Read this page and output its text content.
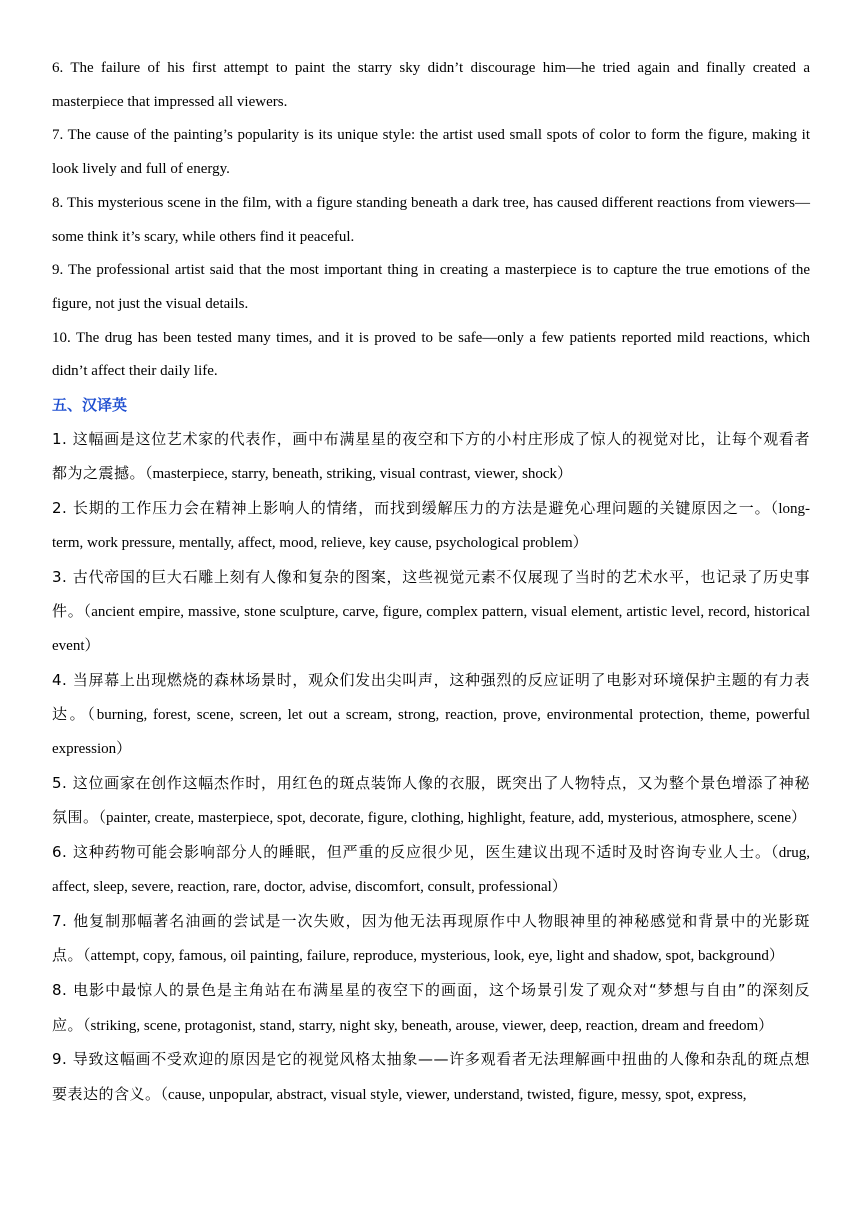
6. The failure of his first attempt to paint the starry sky didn’t discourage him—he tried again and finally created a masterpiece that impressed all viewers.

7. The cause of the painting’s popularity is its unique style: the artist used small spots of color to form the figure, making it look lively and full of energy.

8. This mysterious scene in the film, with a figure standing beneath a dark tree, has caused different reactions from viewers—some think it’s scary, while others find it peaceful.

9. The professional artist said that the most important thing in creating a masterpiece is to capture the true emotions of the figure, not just the visual details.

10. The drug has been tested many times, and it is proved to be safe—only a few patients reported mild reactions, which didn’t affect their daily life.

五、汉译英

1. 这幅画是这位艺术家的代表作，画中布满星星的夜空和下方的小村庄形成了惊人的视觉对比，让每个观看者都为之震撼。（masterpiece, starry, beneath, striking, visual contrast, viewer, shock）

2. 长期的工作压力会在精神上影响人的情绪，而找到缓解压力的方法是避免心理问题的关键原因之一。（long-term, work pressure, mentally, affect, mood, relieve, key cause, psychological problem）

3. 古代帝国的巨大石雕上刻有人像和复杂的图案，这些视觉元素不仅展现了当时的艺术水平，也记录了历史事件。（ancient empire, massive, stone sculpture, carve, figure, complex pattern, visual element, artistic level, record, historical event）

4. 当屏幕上出现燃烧的森林场景时，观众们发出尖叫声，这种强烈的反应证明了电影对环境保护主题的有力表达。（burning, forest, scene, screen, let out a scream, strong, reaction, prove, environmental protection, theme, powerful expression）

5. 这位画家在创作这幅杰作时，用红色的斑点装饰人像的衣服，既突出了人物特点，又为整个景色增添了神秘氛围。（painter, create, masterpiece, spot, decorate, figure, clothing, highlight, feature, add, mysterious, atmosphere, scene）

6. 这种药物可能会影响部分人的睡眠，但严重的反应很少见，医生建议出现不适时及时咨询专业人士。（drug, affect, sleep, severe, reaction, rare, doctor, advise, discomfort, consult, professional）

7. 他复制那幅著名油画的尝试是一次失败，因为他无法再现原作中人物眼神里的神秘感觉和背景中的光影斑点。（attempt, copy, famous, oil painting, failure, reproduce, mysterious, look, eye, light and shadow, spot, background）

8. 电影中最惊人的景色是主角站在布满星星的夜空下的画面，这个场景引发了观众对“梦想与自由”的深刻反应。（striking, scene, protagonist, stand, starry, night sky, beneath, arouse, viewer, deep, reaction, dream and freedom）

9. 导致这幅画不受欢迎的原因是它的视觉风格太抽象——许多观看者无法理解画中扭曲的人像和杂乱的斑点想要表达的含义。（cause, unpopular, abstract, visual style, viewer, understand, twisted, figure, messy, spot, express,
